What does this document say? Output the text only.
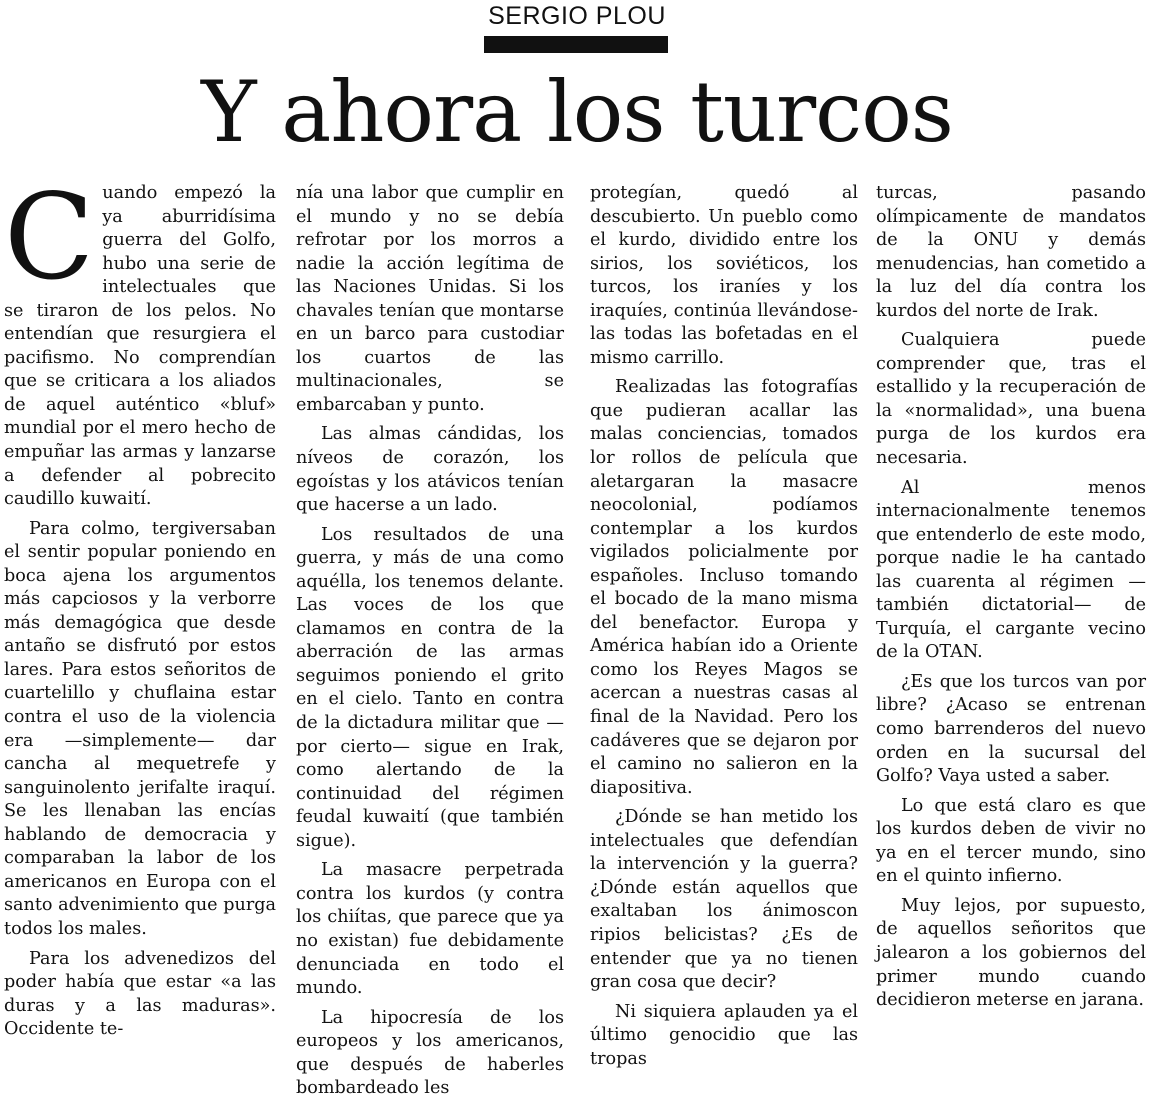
SERGIO PLOU
Y ahora los turcos
C uando empezó la ya aburridísima guerra del Golfo, hubo una serie de intelectuales que se tiraron de los pelos. No entendían que resurgiera el pacifismo. No comprendían que se criticara a los aliados de aquel auténtico «bluf» mundial por el mero hecho de empuñar las armas y lanzarse a defender al pobrecito caudillo kuwaití.

Para colmo, tergiversaban el sentir popular poniendo en boca ajena los argumentos más capciosos y la verborre más demagógica que desde antaño se disfrutó por estos lares. Para estos señoritos de cuartelillo y chuflaina estar contra el uso de la violencia era —simplemente— dar cancha al mequetrefe y sanguinolento jerifalte iraquí. Se les llenaban las encías hablando de democracia y comparaban la labor de los americanos en Europa con el santo advenimiento que purga todos los males.

Para los advenedizos del poder había que estar «a las duras y a las maduras». Occidente te-

nía una labor que cumplir en el mundo y no se debía refrotar por los morros a nadie la acción legítima de las Naciones Unidas. Si los chavales tenían que montarse en un barco para custodiar los cuartos de las multinacionales, se embarcaban y punto.

Las almas cándidas, los níveos de corazón, los egoístas y los atávicos tenían que hacerse a un lado.

Los resultados de una guerra, y más de una como aquélla, los tenemos delante. Las voces de los que clamamos en contra de la aberración de las armas seguimos poniendo el grito en el cielo. Tanto en contra de la dictadura militar que —por cierto— sigue en Irak, como alertando de la continuidad del régimen feudal kuwaití (que también sigue).

La masacre perpetrada contra los kurdos (y contra los chiítas, que parece que ya no existan) fue debidamente denunciada en todo el mundo.

La hipocresía de los europeos y los americanos, que después de haberles bombardeado les

protegían, quedó al descubierto. Un pueblo como el kurdo, dividido entre los sirios, los soviéticos, los turcos, los iraníes y los iraquíes, continúa llevándose-las todas las bofetadas en el mismo carrillo.

Realizadas las fotografías que pudieran acallar las malas conciencias, tomados lor rollos de película que aletargaran la masacre neocolonial, podíamos contemplar a los kurdos vigilados policialmente por españoles. Incluso tomando el bocado de la mano misma del benefactor. Europa y América habían ido a Oriente como los Reyes Magos se acercan a nuestras casas al final de la Navidad. Pero los cadáveres que se dejaron por el camino no salieron en la diapositiva.

¿Dónde se han metido los intelectuales que defendían la intervención y la guerra? ¿Dónde están aquellos que exaltaban los ánimoscon ripios belicistas? ¿Es de entender que ya no tienen gran cosa que decir?

Ni siquiera aplauden ya el último genocidio que las tropas

turcas, pasando olímpicamente de mandatos de la ONU y demás menudencias, han cometido a la luz del día contra los kurdos del norte de Irak.

Cualquiera puede comprender que, tras el estallido y la recuperación de la «normalidad», una buena purga de los kurdos era necesaria.

Al menos internacionalmente tenemos que entenderlo de este modo, porque nadie le ha cantado las cuarenta al régimen —también dictatorial— de Turquía, el cargante vecino de la OTAN.

¿Es que los turcos van por libre? ¿Acaso se entrenan como barrenderos del nuevo orden en la sucursal del Golfo? Vaya usted a saber.

Lo que está claro es que los kurdos deben de vivir no ya en el tercer mundo, sino en el quinto infierno.

Muy lejos, por supuesto, de aquellos señoritos que jalearon a los gobiernos del primer mundo cuando decidieron meterse en jarana.
